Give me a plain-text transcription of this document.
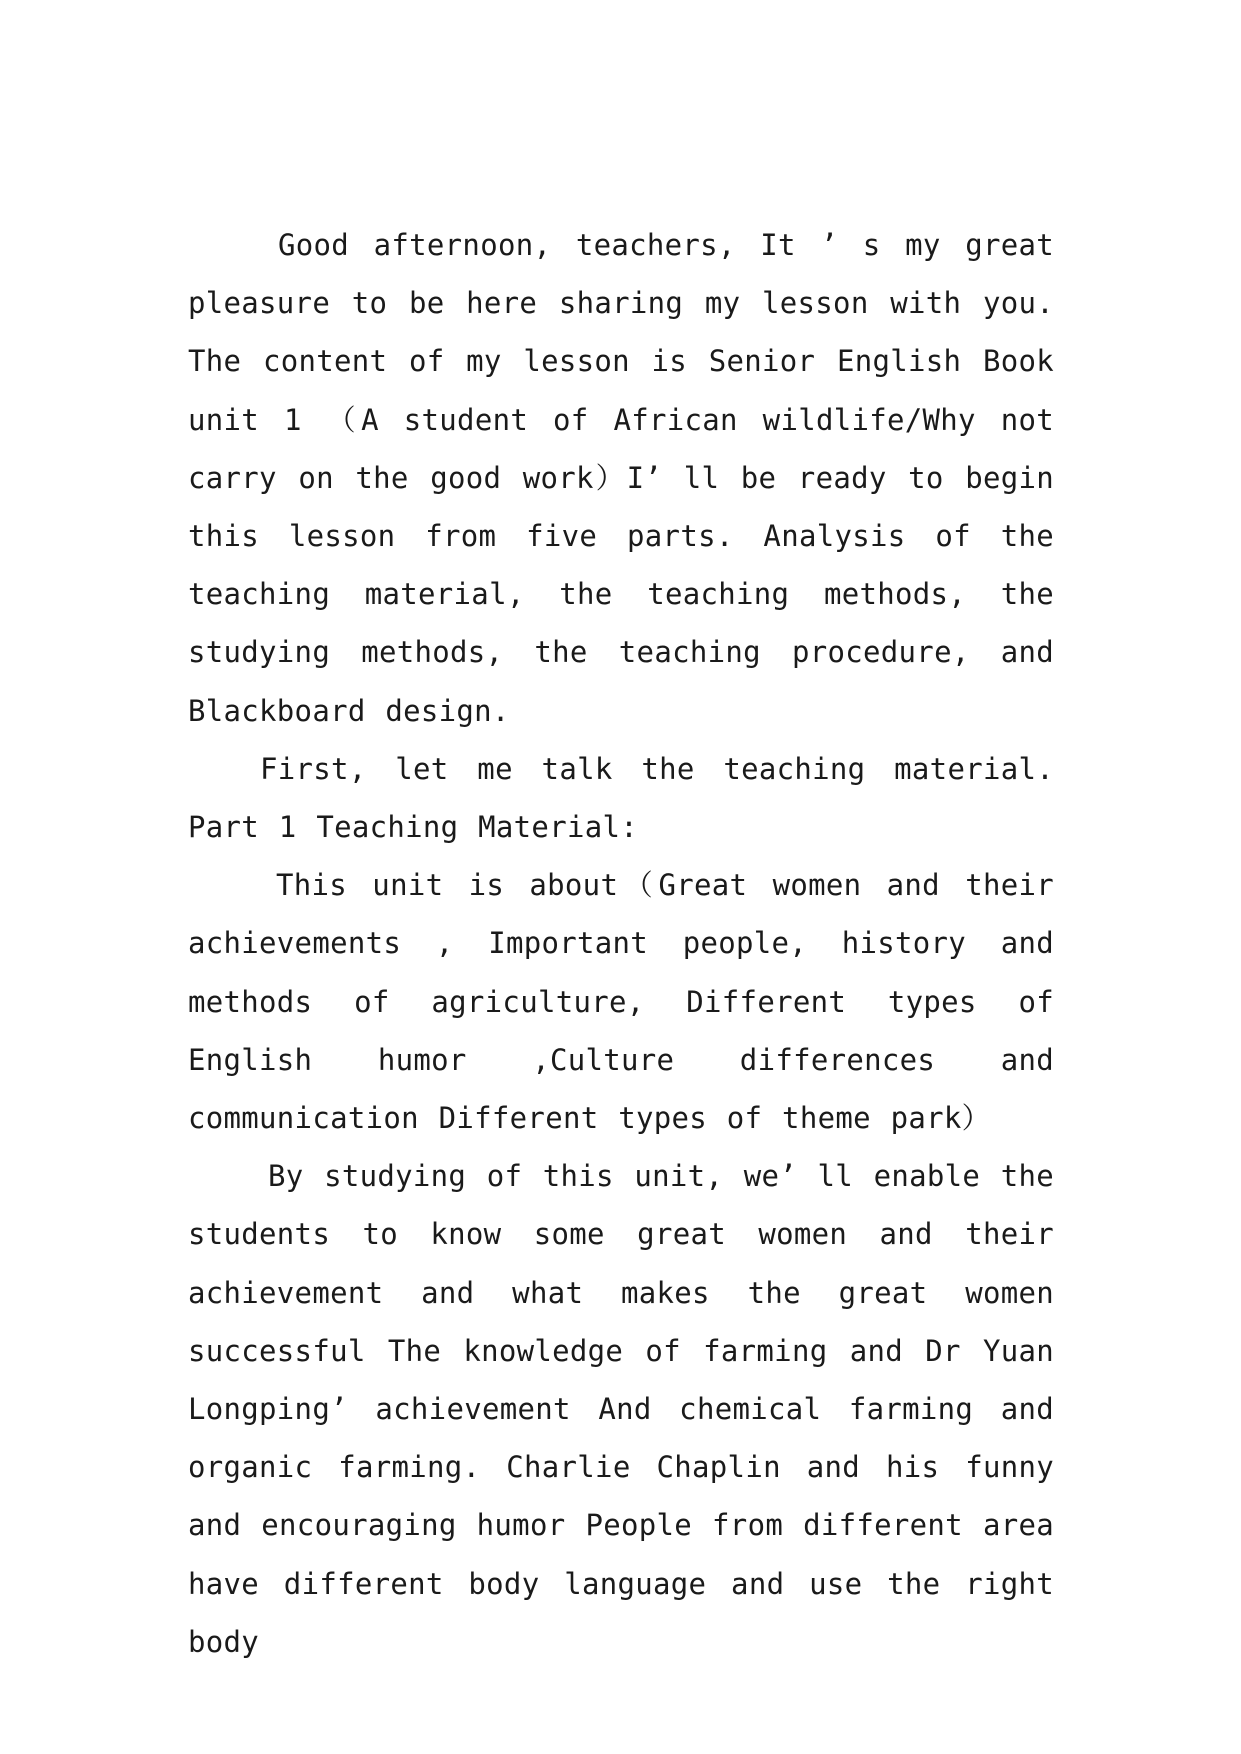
Good afternoon, teachers, It ’ s my great pleasure to be here sharing my lesson with you. The content of my lesson is Senior English Book unit 1 （A student of African wildlife/Why not carry on the good work）I’ ll be ready to begin this lesson from five parts. Analysis of the teaching material, the teaching methods, the studying methods, the teaching procedure, and Blackboard design.

First, let me talk the teaching material. Part 1 Teaching Material:

This unit is about（Great women and their achievements , Important people, history and methods of agriculture, Different types of English humor ,Culture differences and communication Different types of theme park）

By studying of this unit, we’ ll enable the students to know some great women and their achievement and what makes the great women successful The knowledge of farming and Dr Yuan Longping’ achievement And chemical farming and organic farming. Charlie Chaplin and his funny and encouraging humor People from different area have different body language and use the right body
